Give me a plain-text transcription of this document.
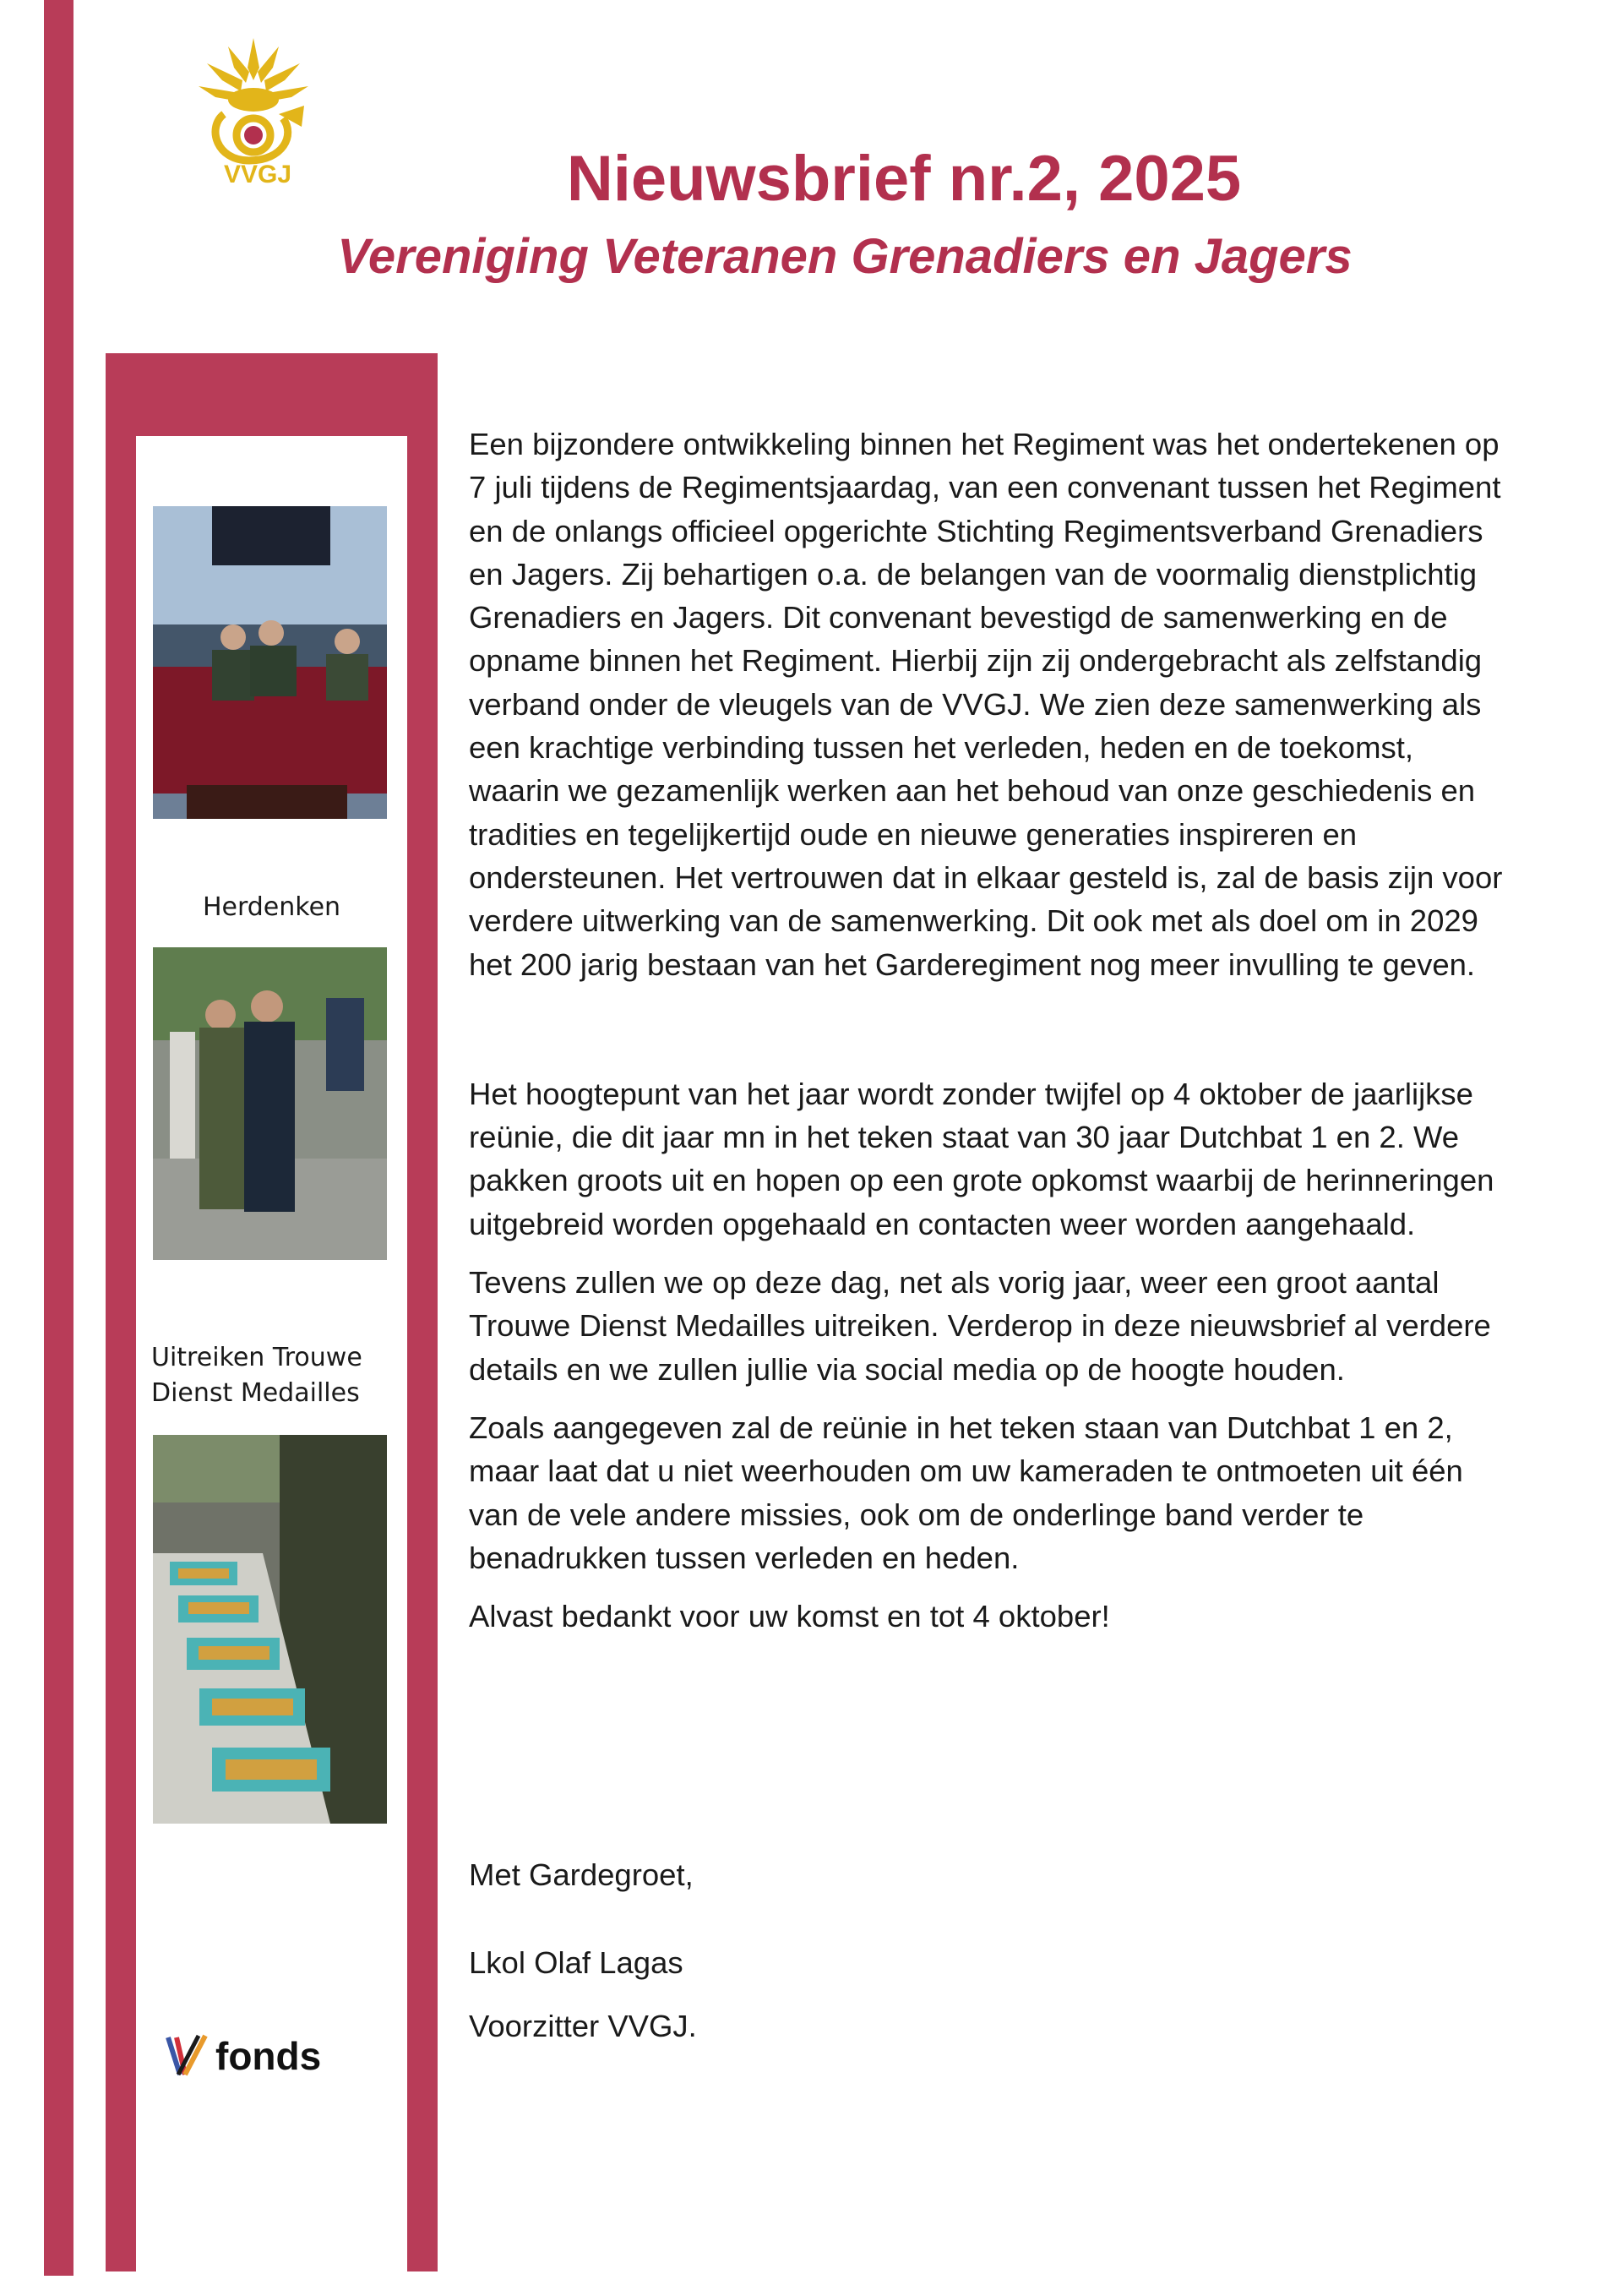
VVGJ	Nieuwsbrief nr.2, 2025
Vereniging Veteranen Grenadiers en Jagers
Herdenken
Uitreiken Trouwe
Dienst Medailles
fonds

Een bijzondere ontwikkeling binnen het Regiment was het ondertekenen op 7 juli tijdens de Regimentsjaardag, van een convenant tussen het Regiment en de onlangs officieel opgerichte Stichting Regimentsverband Grenadiers en Jagers. Zij behartigen o.a. de belangen van de voormalig dienstplichtig Grenadiers en Jagers. Dit convenant bevestigd de samenwerking en de opname binnen het Regiment. Hierbij zijn zij ondergebracht als zelfstandig verband onder de vleugels van de VVGJ. We zien deze samenwerking als een krachtige verbinding tussen het verleden, heden en de toekomst, waarin we gezamenlijk werken aan het behoud van onze geschiedenis en tradities en tegelijkertijd oude en nieuwe generaties inspireren en ondersteunen. Het vertrouwen dat in elkaar gesteld is, zal de basis zijn voor verdere uitwerking van de samenwerking. Dit ook met als doel om in 2029 het 200 jarig bestaan van het Garderegiment nog meer invulling te geven.

Het hoogtepunt van het jaar wordt zonder twijfel op 4 oktober de jaarlijkse reünie, die dit jaar mn in het teken staat van 30 jaar Dutchbat 1 en 2. We pakken groots uit en hopen op een grote opkomst waarbij de herinneringen uitgebreid worden opgehaald en contacten weer worden aangehaald.

Tevens zullen we op deze dag, net als vorig jaar, weer een groot aantal Trouwe Dienst Medailles uitreiken. Verderop in deze nieuwsbrief al verdere details en we zullen jullie via social media op de hoogte houden.

Zoals aangegeven zal de reünie in het teken staan van Dutchbat 1 en 2, maar laat dat u niet weerhouden om uw kameraden te ontmoeten uit één van de vele andere missies, ook om de onderlinge band verder te benadrukken tussen verleden en heden.

Alvast bedankt voor uw komst en tot 4 oktober!

Met Gardegroet,
Lkol Olaf Lagas
Voorzitter VVGJ.
